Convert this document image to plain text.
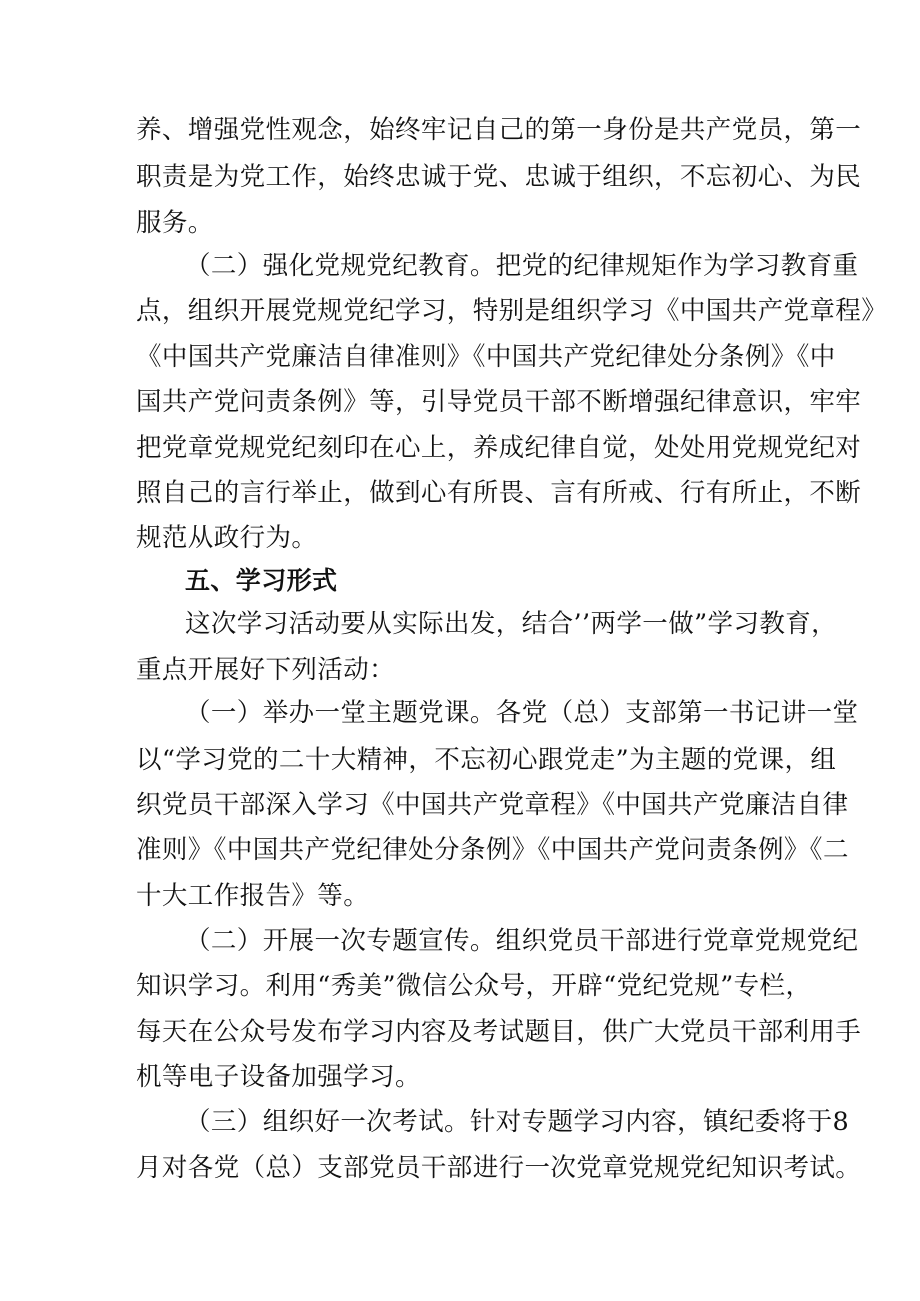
养、增强党性观念，始终牢记自己的第一身份是共产党员，第一
职责是为党工作，始终忠诚于党、忠诚于组织，不忘初心、为民
服务。
（二）强化党规党纪教育。把党的纪律规矩作为学习教育重
点，组织开展党规党纪学习，特别是组织学习《中国共产党章程》
《中国共产党廉洁自律准则》《中国共产党纪律处分条例》《中
国共产党问责条例》等，引导党员干部不断增强纪律意识，牢牢
把党章党规党纪刻印在心上，养成纪律自觉，处处用党规党纪对
照自己的言行举止，做到心有所畏、言有所戒、行有所止，不断
规范从政行为。
五、学习形式
这次学习活动要从实际出发，结合’’两学一做”学习教育，
重点开展好下列活动：
（一）举办一堂主题党课。各党（总）支部第一书记讲一堂
以“学习党的二十大精神，不忘初心跟党走”为主题的党课，组
织党员干部深入学习《中国共产党章程》《中国共产党廉洁自律
准则》《中国共产党纪律处分条例》《中国共产党问责条例》《二
十大工作报告》等。
（二）开展一次专题宣传。组织党员干部进行党章党规党纪
知识学习。利用“秀美”微信公众号，开辟“党纪党规”专栏，
每天在公众号发布学习内容及考试题目，供广大党员干部利用手
机等电子设备加强学习。
（三）组织好一次考试。针对专题学习内容，镇纪委将于8
月对各党（总）支部党员干部进行一次党章党规党纪知识考试。
